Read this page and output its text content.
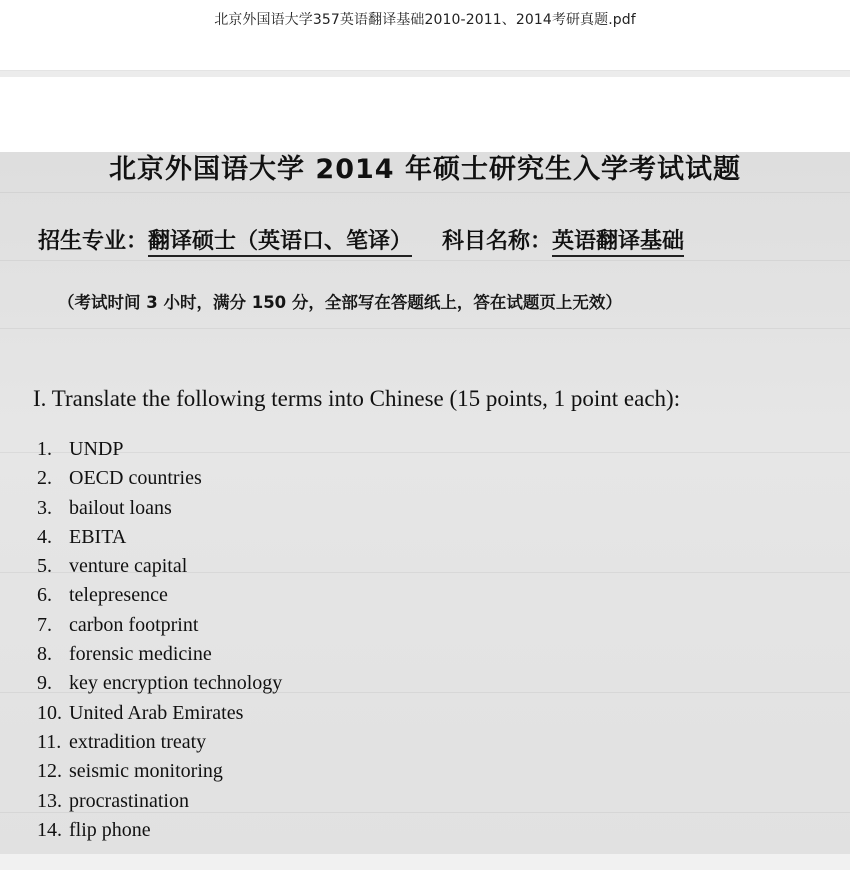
北京外国语大学357英语翻译基础2010-2011、2014考研真题.pdf
北京外国语大学 2014 年硕士研究生入学考试试题
招生专业：翻译硕士（英语口、笔译） 科目名称：英语翻译基础
（考试时间 3 小时，满分 150 分，全部写在答题纸上，答在试题页上无效）
I. Translate the following terms into Chinese (15 points, 1 point each):
1. UNDP
2. OECD countries
3. bailout loans
4. EBITA
5. venture capital
6. telepresence
7. carbon footprint
8. forensic medicine
9. key encryption technology
10. United Arab Emirates
11. extradition treaty
12. seismic monitoring
13. procrastination
14. flip phone
